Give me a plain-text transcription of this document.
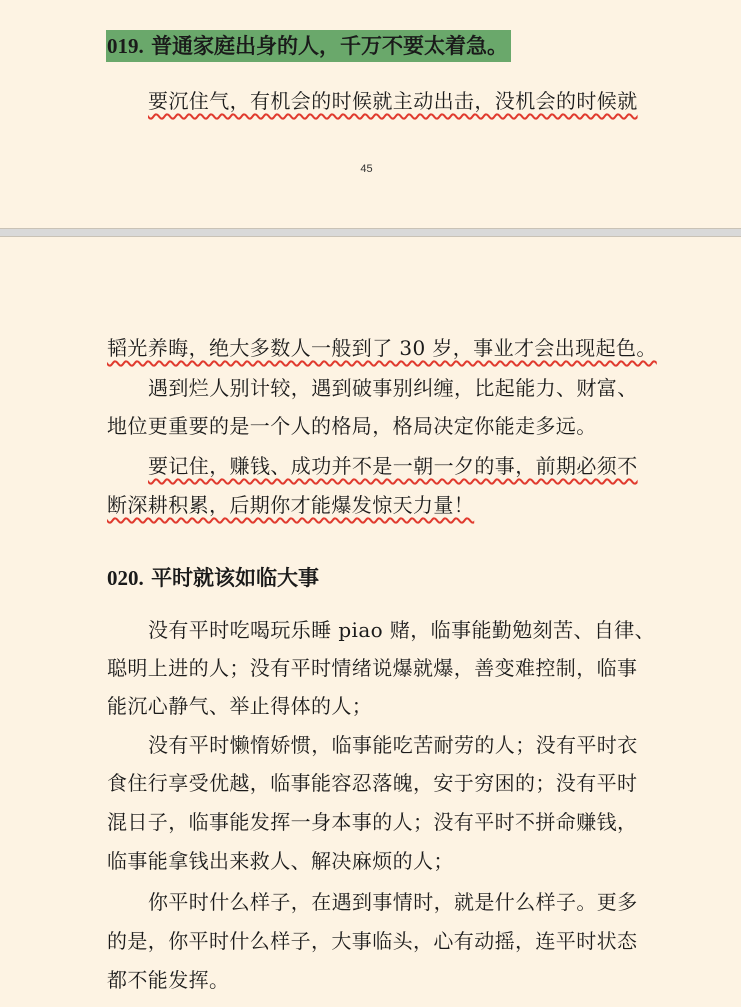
019. 普通家庭出身的人，千万不要太着急。
要沉住气，有机会的时候就主动出击，没机会的时候就
45
韬光养晦，绝大多数人一般到了 30 岁，事业才会出现起色。
遇到烂人别计较，遇到破事别纠缠，比起能力、财富、
地位更重要的是一个人的格局，格局决定你能走多远。
要记住，赚钱、成功并不是一朝一夕的事，前期必须不
断深耕积累，后期你才能爆发惊天力量！
020. 平时就该如临大事
没有平时吃喝玩乐睡 piao 赌，临事能勤勉刻苦、自律、
聪明上进的人；没有平时情绪说爆就爆，善变难控制，临事
能沉心静气、举止得体的人；
没有平时懒惰娇惯，临事能吃苦耐劳的人；没有平时衣
食住行享受优越，临事能容忍落魄，安于穷困的；没有平时
混日子，临事能发挥一身本事的人；没有平时不拼命赚钱，
临事能拿钱出来救人、解决麻烦的人；
你平时什么样子，在遇到事情时，就是什么样子。更多
的是，你平时什么样子，大事临头，心有动摇，连平时状态
都不能发挥。
